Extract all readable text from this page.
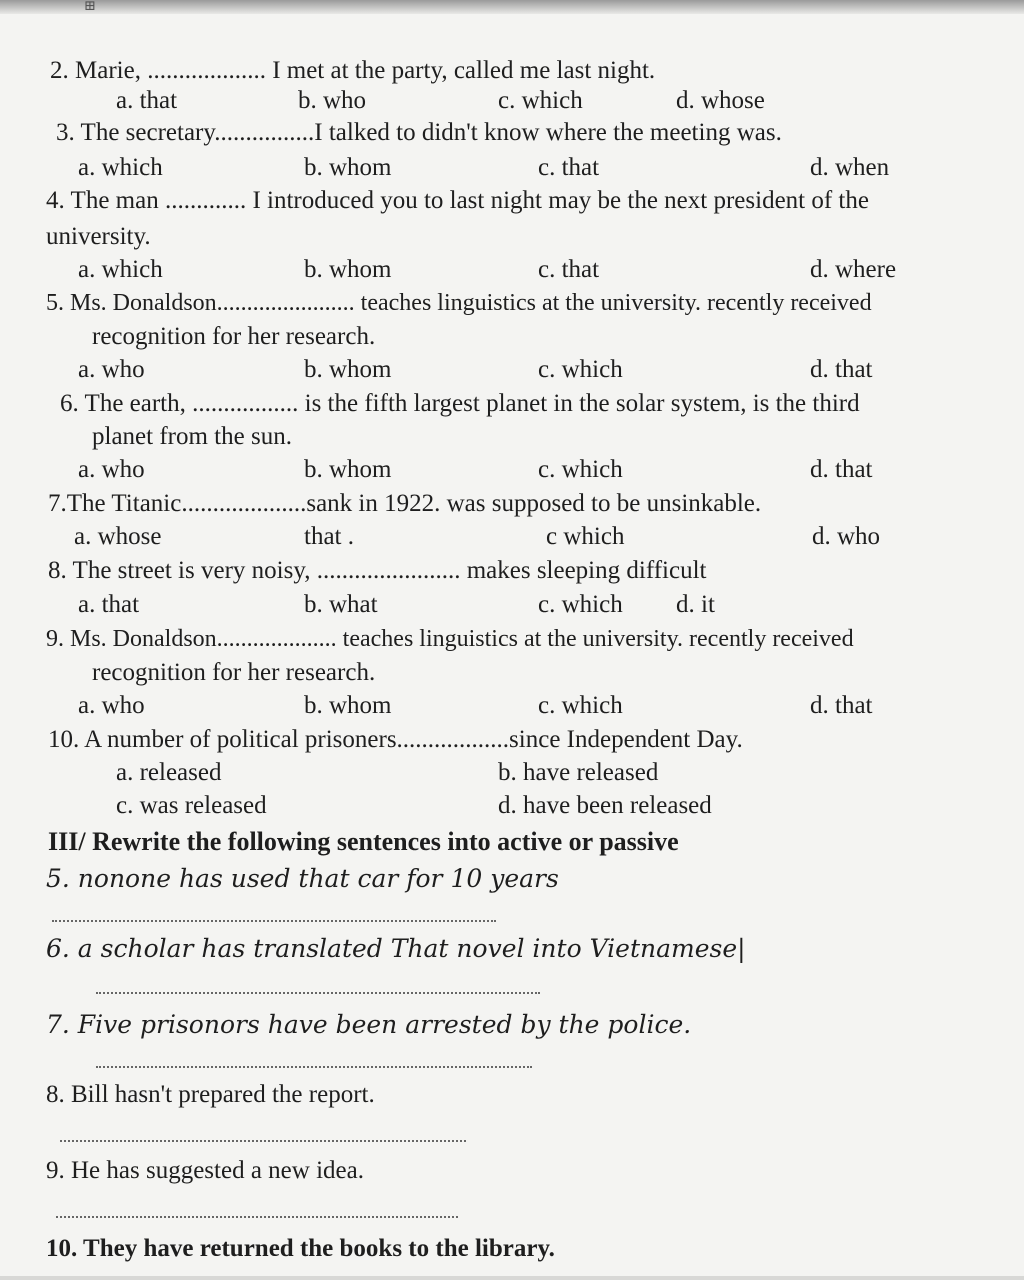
⊞
2. Marie, ................... I met at the party, called me last night.
a. that	b. who	c. which	d. whose
3. The secretary................I talked to didn't know where the meeting was.
a. which	b. whom	c. that	d. when
4. The man ............. I introduced you to last night may be the next president of the
university.
a. which	b. whom	c. that	d. where
5. Ms. Donaldson....................... teaches linguistics at the university. recently received
recognition for her research.
a. who	b. whom	c. which	d. that
6. The earth, ................. is the fifth largest planet in the solar system, is the third
planet from the sun.
a. who	b. whom	c. which	d. that
7.The Titanic....................sank in 1922. was supposed to be unsinkable.
a. whose	that .	c which	d. who
8. The street is very noisy, ....................... makes sleeping difficult
a. that	b. what	c. which d. it
9. Ms. Donaldson.................... teaches linguistics at the university. recently received
recognition for her research.
a. who	b. whom	c. which	d. that
10. A number of political prisoners..................since Independent Day.
a. released	b. have released
c. was released	d. have been released
III/ Rewrite the following sentences into active or passive
5. nonone has used that car for 10 years
6. a scholar has translated That novel into Vietnamese|
7. Five prisonors have been arrested by the police.
8. Bill hasn't prepared the report.
9. He has suggested a new idea.
10. They have returned the books to the library.
